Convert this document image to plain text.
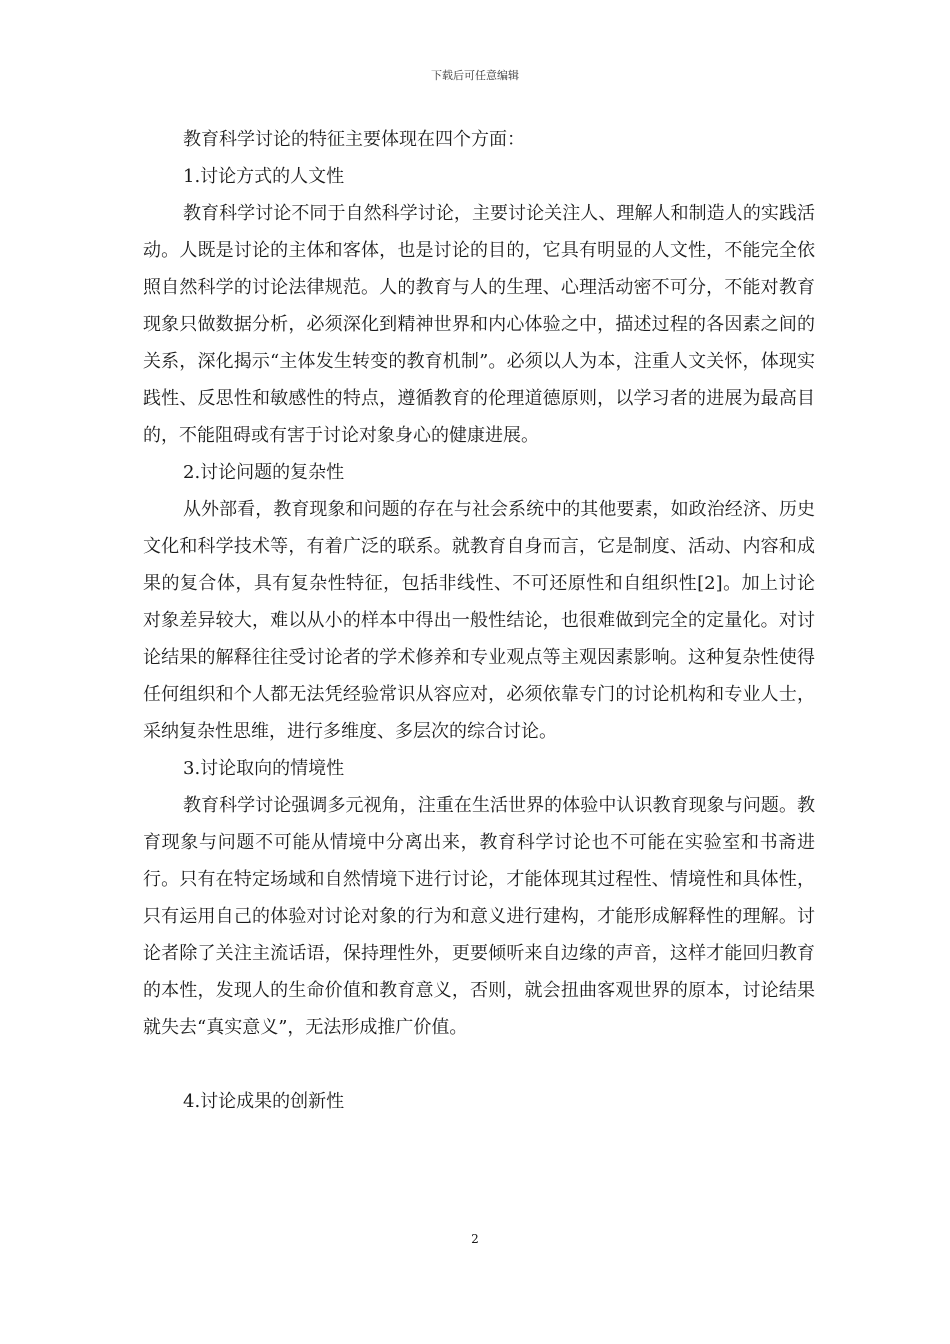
下载后可任意编辑

教育科学讨论的特征主要体现在四个方面：

1.讨论方式的人文性

教育科学讨论不同于自然科学讨论，主要讨论关注人、理解人和制造人的实践活动。人既是讨论的主体和客体，也是讨论的目的，它具有明显的人文性，不能完全依照自然科学的讨论法律规范。人的教育与人的生理、心理活动密不可分，不能对教育现象只做数据分析，必须深化到精神世界和内心体验之中，描述过程的各因素之间的关系，深化揭示“主体发生转变的教育机制”。必须以人为本，注重人文关怀，体现实践性、反思性和敏感性的特点，遵循教育的伦理道德原则，以学习者的进展为最高目的，不能阻碍或有害于讨论对象身心的健康进展。

2.讨论问题的复杂性

从外部看，教育现象和问题的存在与社会系统中的其他要素，如政治经济、历史文化和科学技术等，有着广泛的联系。就教育自身而言，它是制度、活动、内容和成果的复合体，具有复杂性特征，包括非线性、不可还原性和自组织性[2]。加上讨论对象差异较大，难以从小的样本中得出一般性结论，也很难做到完全的定量化。对讨论结果的解释往往受讨论者的学术修养和专业观点等主观因素影响。这种复杂性使得任何组织和个人都无法凭经验常识从容应对，必须依靠专门的讨论机构和专业人士，采纳复杂性思维，进行多维度、多层次的综合讨论。

3.讨论取向的情境性

教育科学讨论强调多元视角，注重在生活世界的体验中认识教育现象与问题。教育现象与问题不可能从情境中分离出来，教育科学讨论也不可能在实验室和书斋进行。只有在特定场域和自然情境下进行讨论，才能体现其过程性、情境性和具体性，只有运用自己的体验对讨论对象的行为和意义进行建构，才能形成解释性的理解。讨论者除了关注主流话语，保持理性外，更要倾听来自边缘的声音，这样才能回归教育的本性，发现人的生命价值和教育意义，否则，就会扭曲客观世界的原本，讨论结果就失去“真实意义”，无法形成推广价值。

4.讨论成果的创新性

2
